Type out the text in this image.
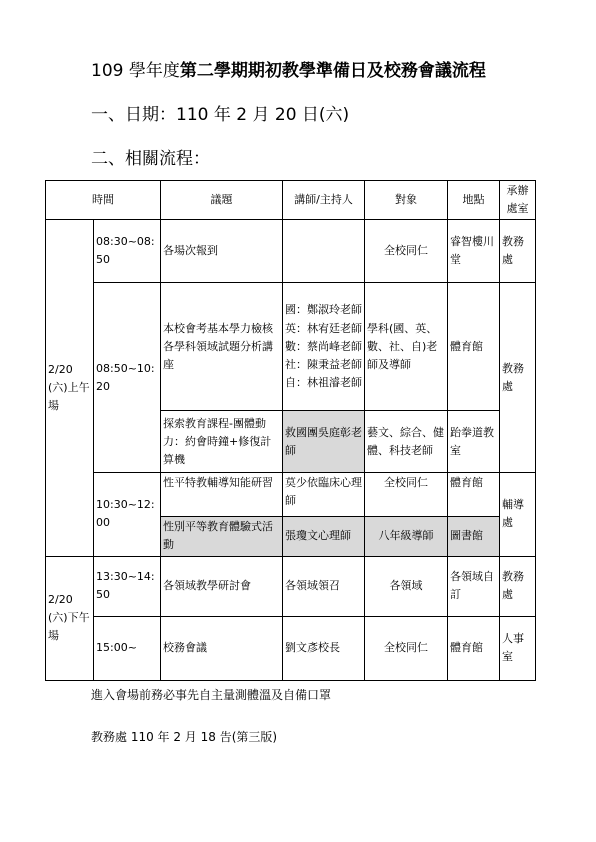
109 學年度第二學期期初教學準備日及校務會議流程
一、日期：110 年 2 月 20 日(六)
二、相關流程：
時間		議題	講師/主持人	對象	地點	承辦處室
2/20(六)上午場	08:30~08:50	各場次報到		全校同仁	睿智樓川堂	教務處
	08:50~10:20	本校會考基本學力檢核各學科領域試題分析講座	國：鄭淑玲老師
英：林宥廷老師
數：蔡尚峰老師
社：陳秉益老師
自：林祖濬老師	學科(國、英、數、社、自)老師及導師	體育館	教務處
		探索教育課程-團體動力：約會時鐘+修復計算機	救國團吳庭彰老師	藝文、綜合、健體、科技老師	跆拳道教室	
	10:30~12:00	性平特教輔導知能研習	莫少依臨床心理師	全校同仁	體育館	輔導處
		性別平等教育體驗式活動	張瓊文心理師	八年級導師	圖書館	
2/20(六)下午場	13:30~14:50	各領域教學研討會	各領域領召	各領域	各領域自訂	教務處
	15:00~	校務會議	劉文彥校長	全校同仁	體育館	人事室
進入會場前務必事先自主量測體溫及自備口罩
教務處 110 年 2 月 18 告(第三版)
